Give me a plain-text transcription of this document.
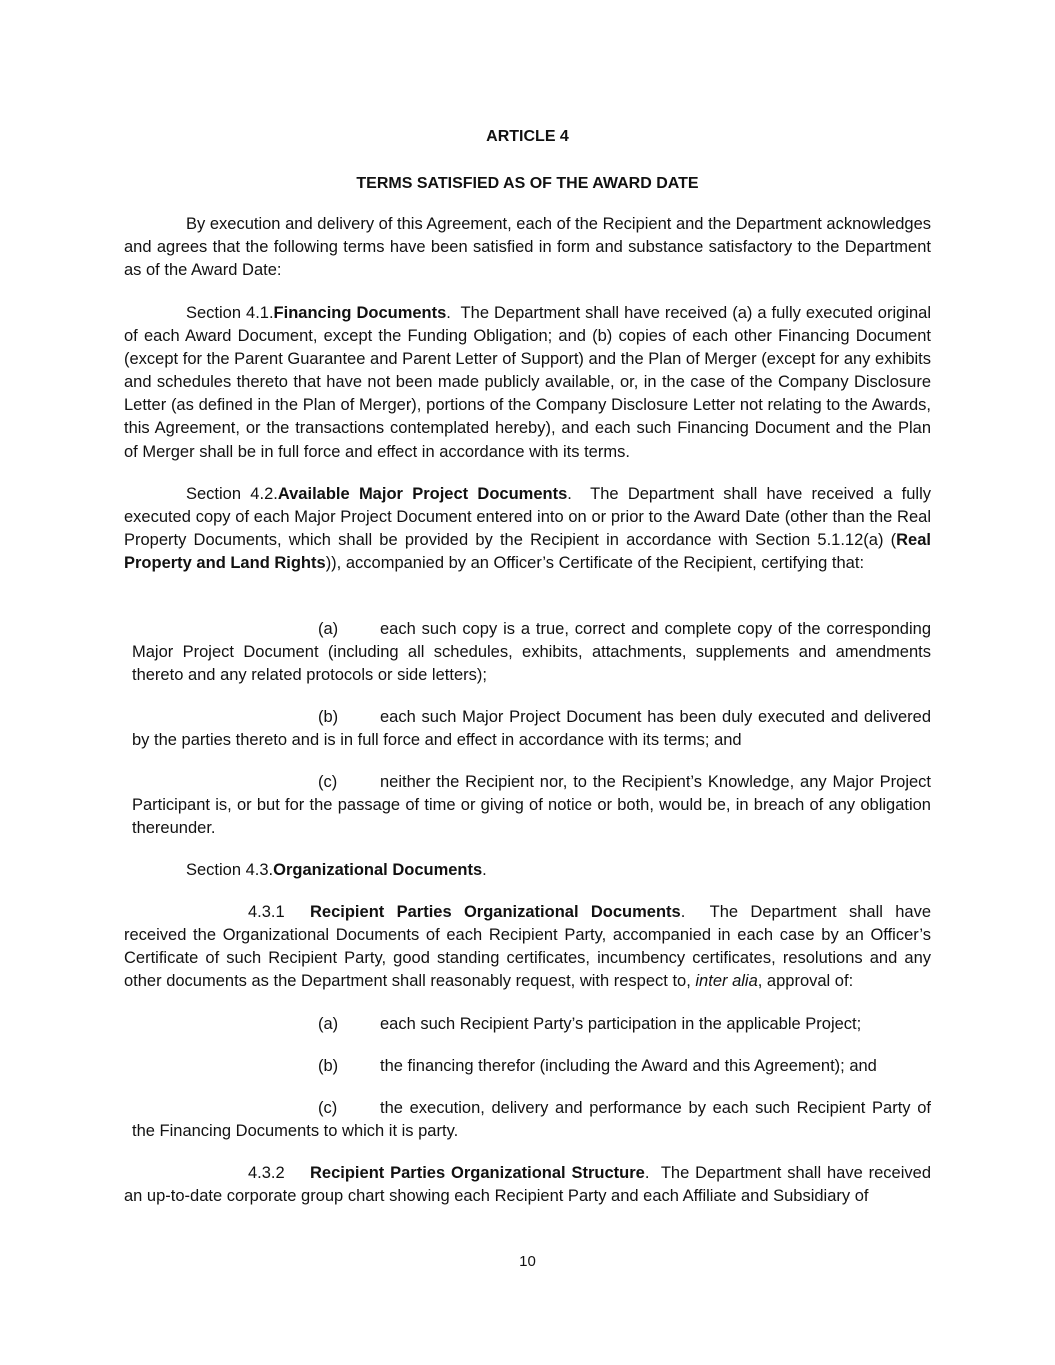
ARTICLE 4

TERMS SATISFIED AS OF THE AWARD DATE

By execution and delivery of this Agreement, each of the Recipient and the Department acknowledges and agrees that the following terms have been satisfied in form and substance satisfactory to the Department as of the Award Date:

Section 4.1.Financing Documents.  The Department shall have received (a) a fully executed original of each Award Document, except the Funding Obligation; and (b) copies of each other Financing Document (except for the Parent Guarantee and Parent Letter of Support) and the Plan of Merger (except for any exhibits and schedules thereto that have not been made publicly available, or, in the case of the Company Disclosure Letter (as defined in the Plan of Merger), portions of the Company Disclosure Letter not relating to the Awards, this Agreement, or the transactions contemplated hereby), and each such Financing Document and the Plan of Merger shall be in full force and effect in accordance with its terms.

Section 4.2.Available Major Project Documents.  The Department shall have received a fully executed copy of each Major Project Document entered into on or prior to the Award Date (other than the Real Property Documents, which shall be provided by the Recipient in accordance with Section 5.1.12(a) (Real Property and Land Rights)), accompanied by an Officer’s Certificate of the Recipient, certifying that:

(a)	each such copy is a true, correct and complete copy of the corresponding Major Project Document (including all schedules, exhibits, attachments, supplements and amendments thereto and any related protocols or side letters);

(b)	each such Major Project Document has been duly executed and delivered by the parties thereto and is in full force and effect in accordance with its terms; and

(c)	neither the Recipient nor, to the Recipient’s Knowledge, any Major Project Participant is, or but for the passage of time or giving of notice or both, would be, in breach of any obligation thereunder.

Section 4.3.Organizational Documents.

4.3.1 Recipient Parties Organizational Documents.  The Department shall have received the Organizational Documents of each Recipient Party, accompanied in each case by an Officer’s Certificate of such Recipient Party, good standing certificates, incumbency certificates, resolutions and any other documents as the Department shall reasonably request, with respect to, inter alia, approval of:

(a)	each such Recipient Party’s participation in the applicable Project;

(b)	the financing therefor (including the Award and this Agreement); and

(c)	the execution, delivery and performance by each such Recipient Party of the Financing Documents to which it is party.

4.3.2 Recipient Parties Organizational Structure.  The Department shall have received an up-to-date corporate group chart showing each Recipient Party and each Affiliate and Subsidiary of

10
